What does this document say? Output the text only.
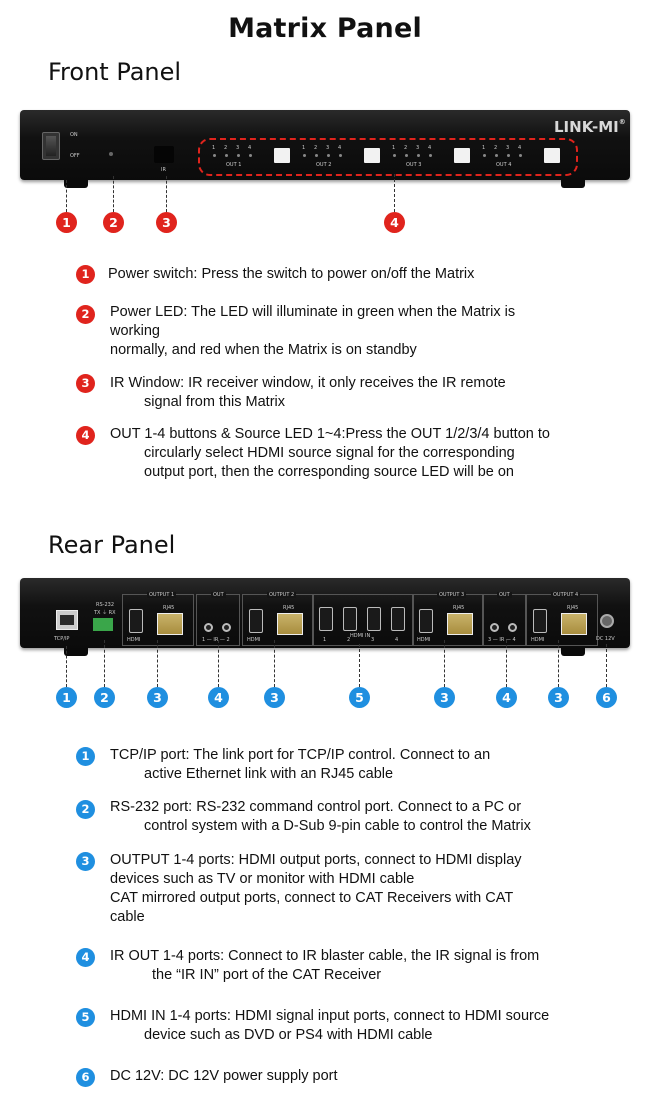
Matrix Panel
Front Panel
Rear Panel
ON
OFF
IR
1 2 3 4
OUT 1
1 2 3 4
OUT 2
1 2 3 4
OUT 3
1 2 3 4
OUT 4
LINK-MI®
1	2	3	4
1	Power switch: Press the switch to power on/off the Matrix
2	Power LED: The LED will illuminate in green when the Matrix is
working
normally, and red when the Matrix is on standby
3	IR Window: IR receiver window, it only receives the IR remote
signal from this Matrix
4	OUT 1-4 buttons & Source LED 1~4:Press the OUT 1/2/3/4 button to
circularly select HDMI source signal for the corresponding
output port, then the corresponding source LED will be on
TCP/IP
RS-232
TX ⏚ RX
OUTPUT 1
HDMI
RJ45
OUT
1 — IR — 2
OUTPUT 2
HDMI
RJ45
1	2
HDMI IN
3	4
OUTPUT 3
HDMI
RJ45
OUT
3 — IR — 4
OUTPUT 4
HDMI
RJ45
DC 12V
1	2	3	4	3	5	3	4	3	6
1	TCP/IP port: The link port for TCP/IP control. Connect to an
active Ethernet link with an RJ45 cable
2	RS-232 port: RS-232 command control port. Connect to a PC or
control system with a D-Sub 9-pin cable to control the Matrix
3	OUTPUT 1-4 ports: HDMI output ports, connect to HDMI display
devices such as TV or monitor with HDMI cable
CAT mirrored output ports, connect to CAT Receivers with CAT
cable
4	IR OUT 1-4 ports: Connect to IR blaster cable, the IR signal is from
the “IR IN” port of the CAT Receiver
5	HDMI IN 1-4 ports: HDMI signal input ports, connect to HDMI source
device such as DVD or PS4 with HDMI cable
6	DC 12V: DC 12V power supply port
